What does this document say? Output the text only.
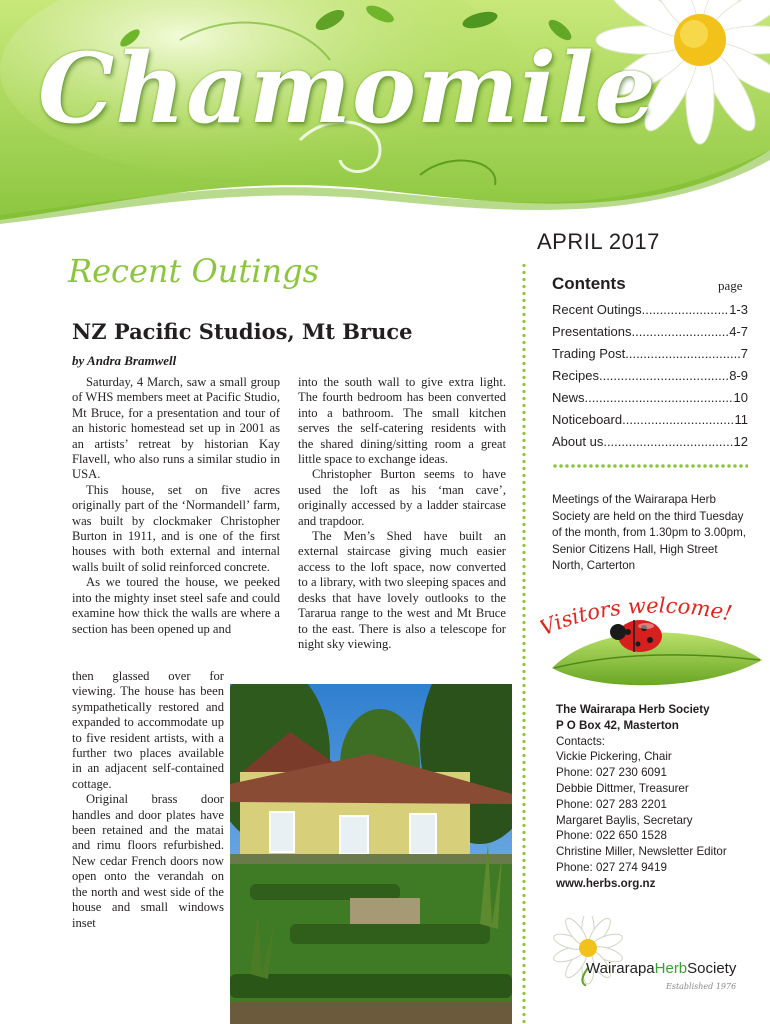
Chamomile
APRIL 2017
Recent Outings
NZ Pacific Studios, Mt Bruce
by Andra Bramwell

Saturday, 4 March, saw a small group of WHS members meet at Pacific Studio, Mt Bruce, for a presentation and tour of an historic homestead set up in 2001 as an artists’ retreat by historian Kay Flavell, who also runs a similar studio in USA.

This house, set on five acres originally part of the ‘Normandell’ farm, was built by clockmaker Christopher Burton in 1911, and is one of the first houses with both external and internal walls built of solid reinforced concrete.

As we toured the house, we peeked into the mighty inset steel safe and could examine how thick the walls are where a section has been opened up and

then glassed over for viewing. The house has been sympathetically restored and expanded to accommodate up to five resident artists, with a further two places available in an adjacent self-contained cottage.

Original brass door handles and door plates have been retained and the matai and rimu floors refurbished. New cedar French doors now open onto the verandah on the north and west side of the house and small windows inset

into the south wall to give extra light. The fourth bedroom has been converted into a bathroom. The small kitchen serves the self-catering residents with the shared dining/sitting room a great little space to exchange ideas.

Christopher Burton seems to have used the loft as his ‘man cave’, originally accessed by a ladder staircase and trapdoor.

The Men’s Shed have built an external staircase giving much easier access to the loft space, now converted to a library, with two sleeping spaces and desks that have lovely outlooks to the Tararua range to the west and Mt Bruce to the east. There is also a telescope for night sky viewing.

Contents	page
Recent Outings .....	1-3
Presentations .....	4-7
Trading Post .....	7
Recipes .....	8-9
News .....	10
Noticeboard .....	11
About us .....	12
Meetings of the Wairarapa Herb Society are held on the third Tuesday of the month, from 1.30pm to 3.00pm, Senior Citizens Hall, High Street North, Carterton
isitors welcome!
The Wairarapa Herb Society
P O Box 42, Masterton
Contacts:
Vickie Pickering, Chair
Phone: 027 230 6091
Debbie Dittmer, Treasurer
Phone: 027 283 2201
Margaret Baylis, Secretary
Phone: 022 650 1528
Christine Miller, Newsletter Editor
Phone: 027 274 9419
www.herbs.org.nz
WairarapaHerbSociety
Established 1976
